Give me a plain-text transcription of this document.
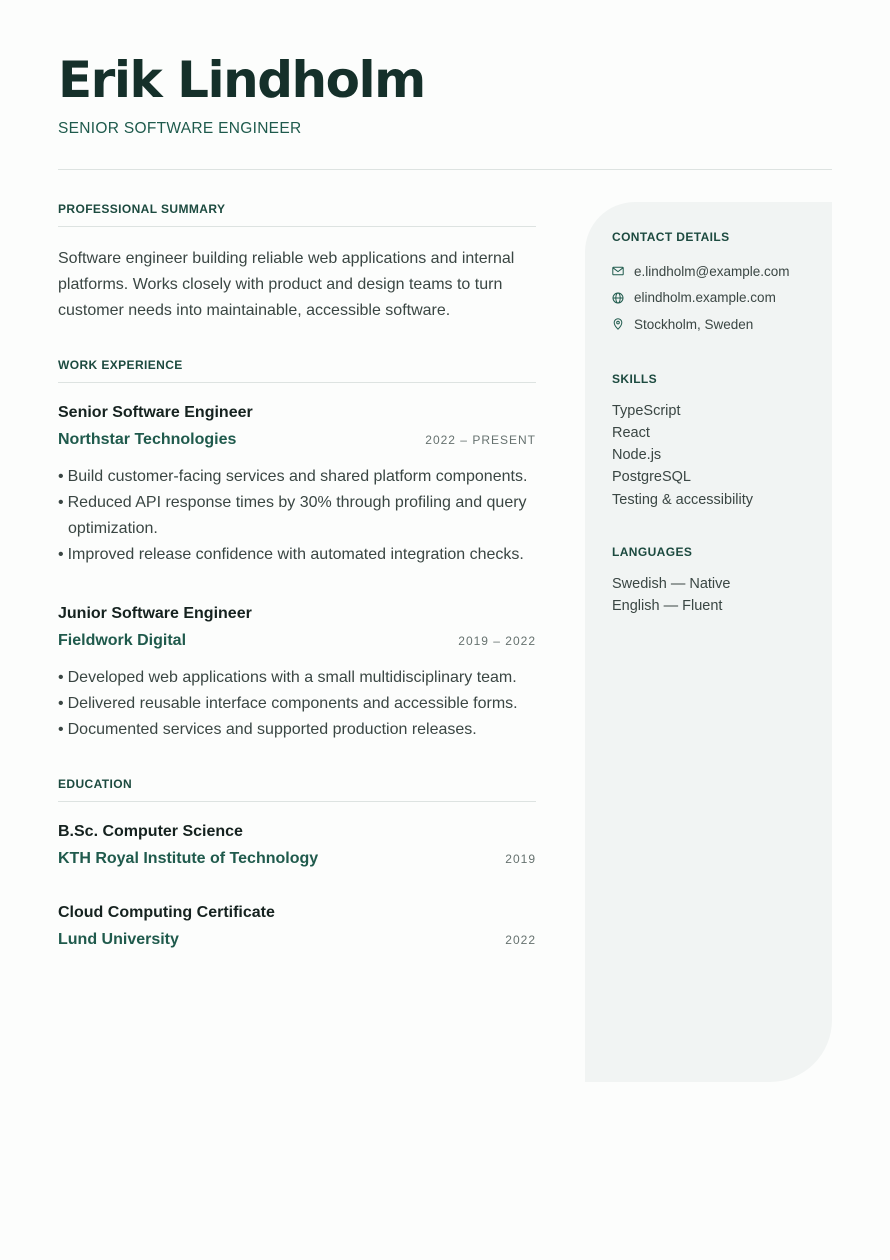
Erik Lindholm
SENIOR SOFTWARE ENGINEER
PROFESSIONAL SUMMARY

Software engineer building reliable web applications and internal platforms. Works closely with product and design teams to turn customer needs into maintainable, accessible software.

WORK EXPERIENCE
Senior Software Engineer
Northstar Technologies	2022 – PRESENT
• Build customer-facing services and shared platform components.
• Reduced API response times by 30% through profiling and query optimization.
• Improved release confidence with automated integration checks.
Junior Software Engineer
Fieldwork Digital	2019 – 2022
• Developed web applications with a small multidisciplinary team.
• Delivered reusable interface components and accessible forms.
• Documented services and supported production releases.
EDUCATION
B.Sc. Computer Science
KTH Royal Institute of Technology	2019
Cloud Computing Certificate
Lund University	2022
CONTACT DETAILS
e.lindholm@example.com
elindholm.example.com
Stockholm, Sweden
SKILLS
TypeScript
React
Node.js
PostgreSQL
Testing & accessibility
LANGUAGES
Swedish — Native
English — Fluent
